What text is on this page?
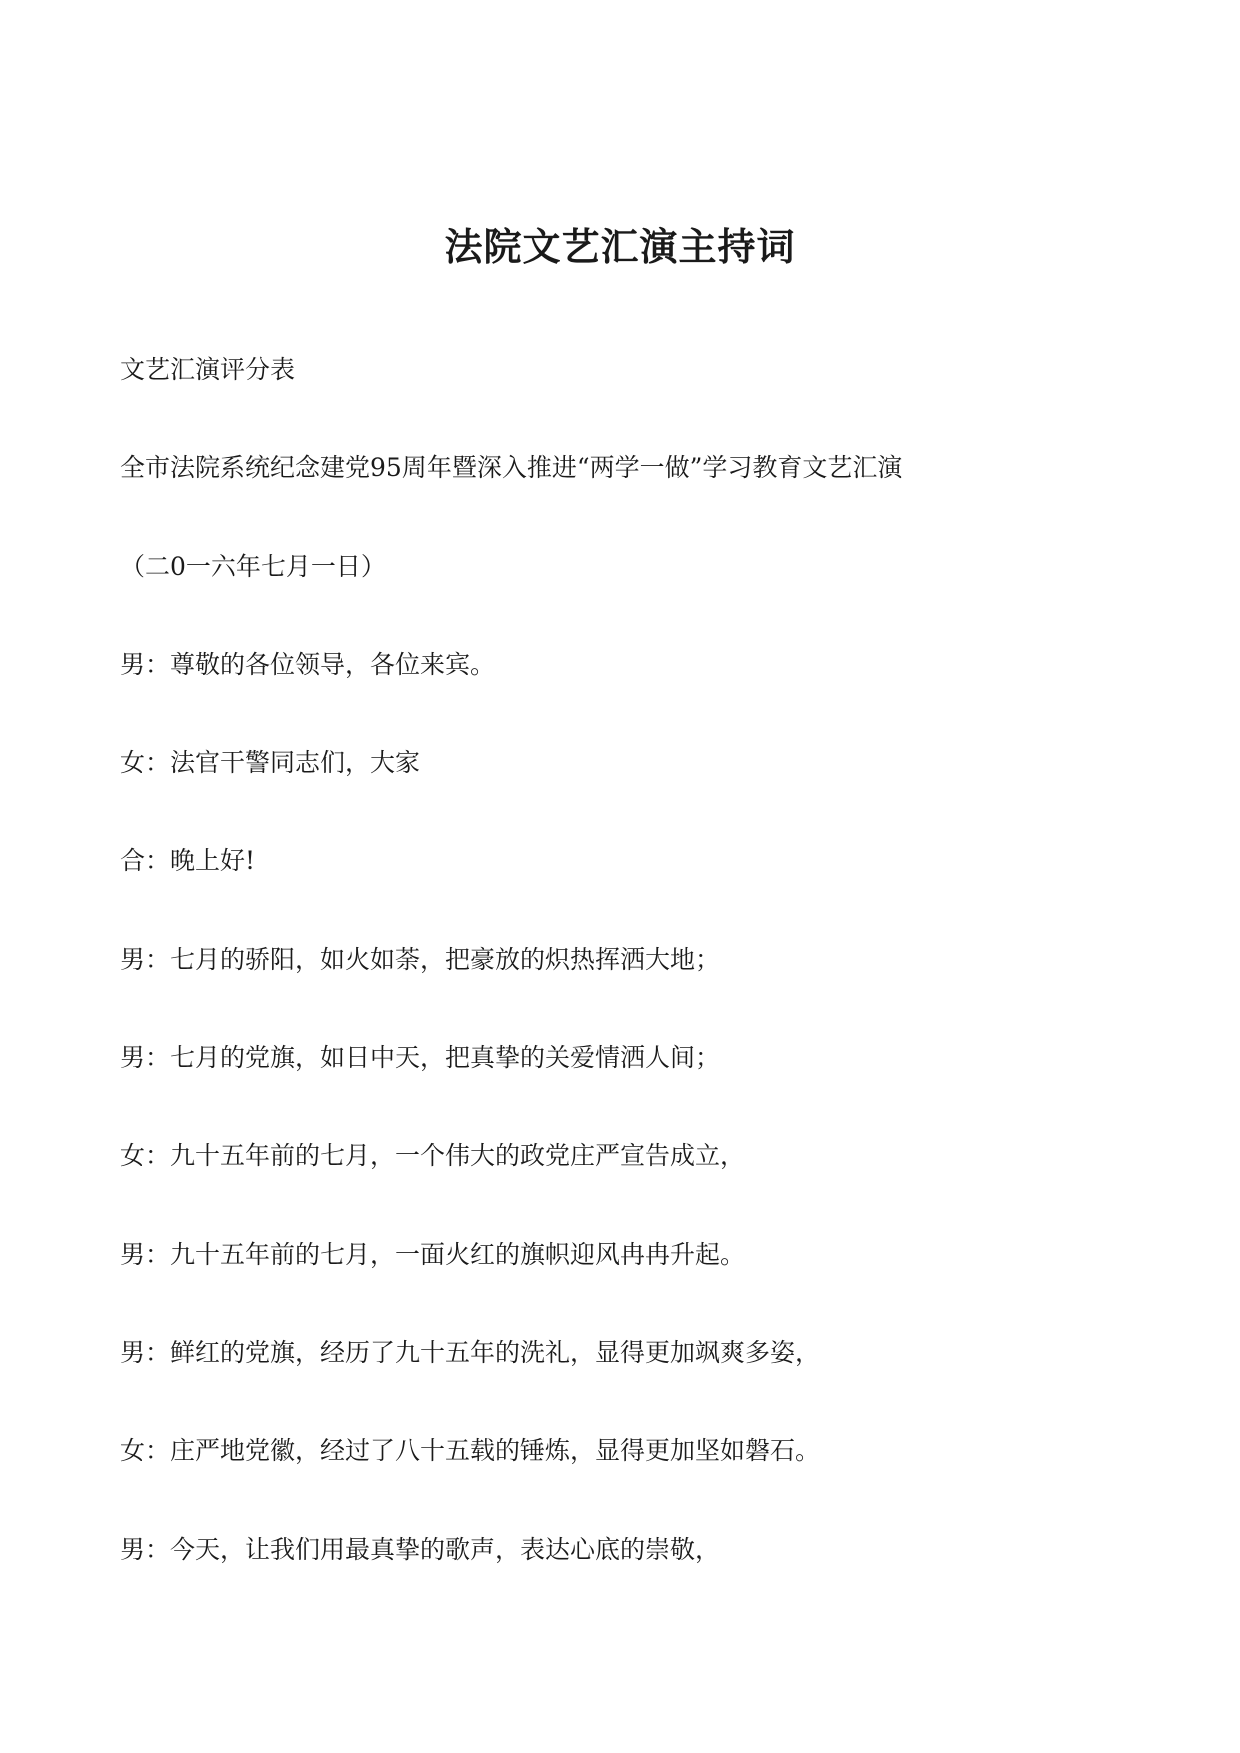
法院文艺汇演主持词
文艺汇演评分表
全市法院系统纪念建党95周年暨深入推进“两学一做”学习教育文艺汇演
（二0一六年七月一日）
男：尊敬的各位领导，各位来宾。
女：法官干警同志们，大家
合：晚上好!
男：七月的骄阳，如火如荼，把豪放的炽热挥洒大地；
男：七月的党旗，如日中天，把真挚的关爱情洒人间；
女：九十五年前的七月，一个伟大的政党庄严宣告成立，
男：九十五年前的七月，一面火红的旗帜迎风冉冉升起。
男：鲜红的党旗，经历了九十五年的洗礼，显得更加飒爽多姿，
女：庄严地党徽，经过了八十五载的锤炼，显得更加坚如磐石。
男：今天，让我们用最真挚的歌声，表达心底的崇敬，
